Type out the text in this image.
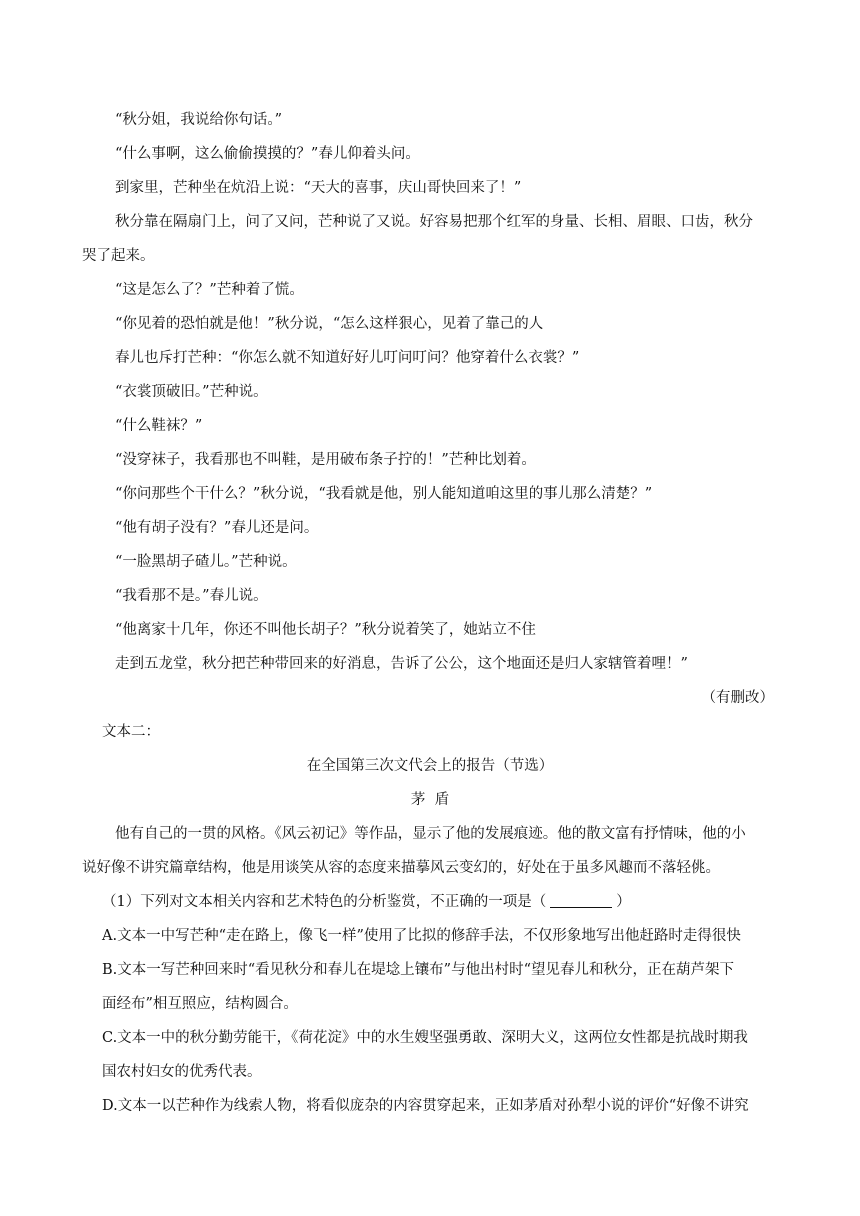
“秋分姐，我说给你句话。”
“什么事啊，这么偷偷摸摸的？”春儿仰着头问。
到家里，芒种坐在炕沿上说：“天大的喜事，庆山哥快回来了！”
秋分靠在隔扇门上，问了又问，芒种说了又说。好容易把那个红军的身量、长相、眉眼、口齿，秋分
哭了起来。
“这是怎么了？”芒种着了慌。
“你见着的恐怕就是他！”秋分说，“怎么这样狠心，见着了靠己的人
春儿也斥打芒种：“你怎么就不知道好好儿叮问叮问？他穿着什么衣裳？”
“衣裳顶破旧。”芒种说。
“什么鞋袜？”
“没穿袜子，我看那也不叫鞋，是用破布条子拧的！”芒种比划着。
“你问那些个干什么？”秋分说，“我看就是他，别人能知道咱这里的事儿那么清楚？”
“他有胡子没有？”春儿还是问。
“一脸黑胡子碴儿。”芒种说。
“我看那不是。”春儿说。
“他离家十几年，你还不叫他长胡子？”秋分说着笑了，她站立不住
走到五龙堂，秋分把芒种带回来的好消息，告诉了公公，这个地面还是归人家辖管着哩！”
（有删改）
文本二：
在全国第三次文代会上的报告（节选）
茅  盾
他有自己的一贯的风格。《风云初记》等作品，显示了他的发展痕迹。他的散文富有抒情味，他的小
说好像不讲究篇章结构，他是用谈笑从容的态度来描摹风云变幻的，好处在于虽多风趣而不落轻佻。
（1）下列对文本相关内容和艺术特色的分析鉴赏，不正确的一项是（	）
A.文本一中写芒种“走在路上，像飞一样”使用了比拟的修辞手法，不仅形象地写出他赶路时走得很快
B.文本一写芒种回来时“看见秋分和春儿在堤埝上镶布”与他出村时“望见春儿和秋分，正在葫芦架下
面经布”相互照应，结构圆合。
C.文本一中的秋分勤劳能干，《荷花淀》中的水生嫂坚强勇敢、深明大义，这两位女性都是抗战时期我
国农村妇女的优秀代表。
D.文本一以芒种作为线索人物，将看似庞杂的内容贯穿起来，正如茅盾对孙犁小说的评价“好像不讲究
